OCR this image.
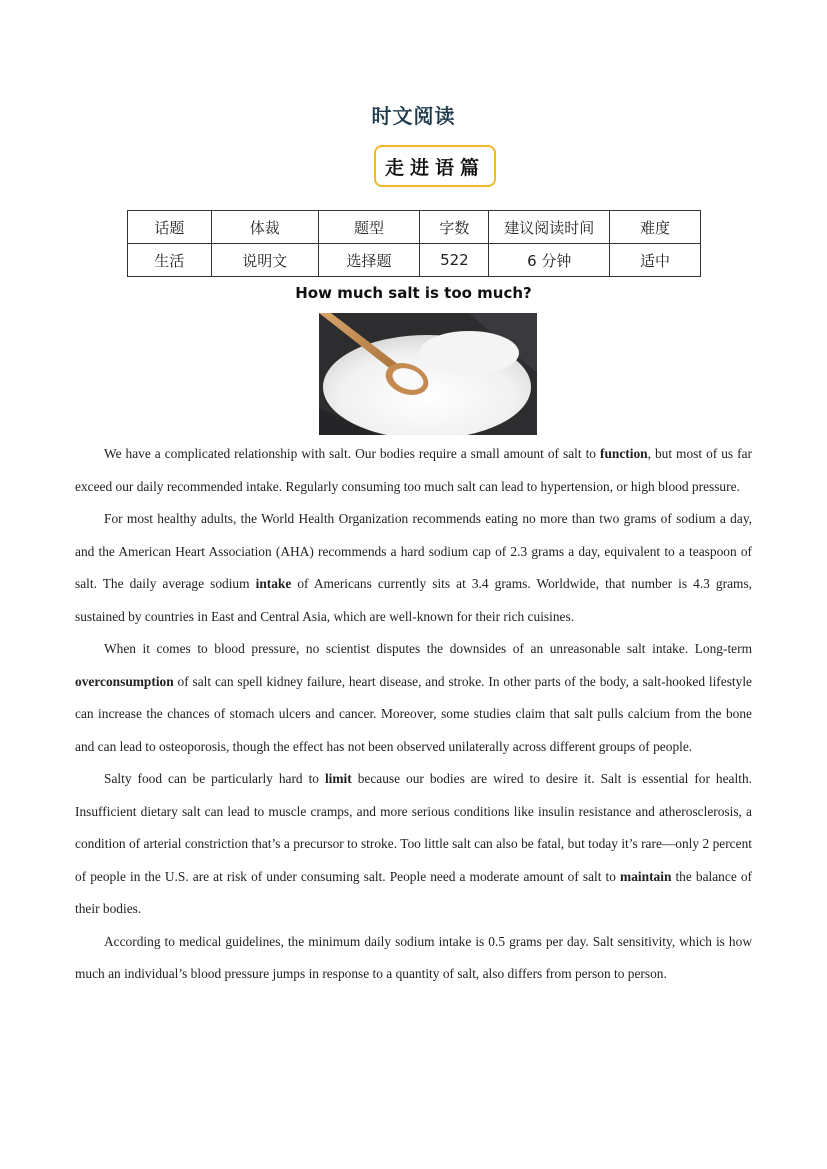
时文阅读
走进语篇
话题	体裁	题型	字数	建议阅读时间	难度
生活	说明文	选择题	522	6 分钟	适中
How much salt is too much?

We have a complicated relationship with salt. Our bodies require a small amount of salt to function, but most of us far exceed our daily recommended intake. Regularly consuming too much salt can lead to hypertension, or high blood pressure.

For most healthy adults, the World Health Organization recommends eating no more than two grams of sodium a day, and the American Heart Association (AHA) recommends a hard sodium cap of 2.3 grams a day, equivalent to a teaspoon of salt. The daily average sodium intake of Americans currently sits at 3.4 grams. Worldwide, that number is 4.3 grams, sustained by countries in East and Central Asia, which are well-known for their rich cuisines.

When it comes to blood pressure, no scientist disputes the downsides of an unreasonable salt intake. Long-term overconsumption of salt can spell kidney failure, heart disease, and stroke. In other parts of the body, a salt-hooked lifestyle can increase the chances of stomach ulcers and cancer. Moreover, some studies claim that salt pulls calcium from the bone and can lead to osteoporosis, though the effect has not been observed unilaterally across different groups of people.

Salty food can be particularly hard to limit because our bodies are wired to desire it. Salt is essential for health. Insufficient dietary salt can lead to muscle cramps, and more serious conditions like insulin resistance and atherosclerosis, a condition of arterial constriction that’s a precursor to stroke. Too little salt can also be fatal, but today it’s rare—only 2 percent of people in the U.S. are at risk of under consuming salt. People need a moderate amount of salt to maintain the balance of their bodies.

According to medical guidelines, the minimum daily sodium intake is 0.5 grams per day. Salt sensitivity, which is how much an individual’s blood pressure jumps in response to a quantity of salt, also differs from person to person.
